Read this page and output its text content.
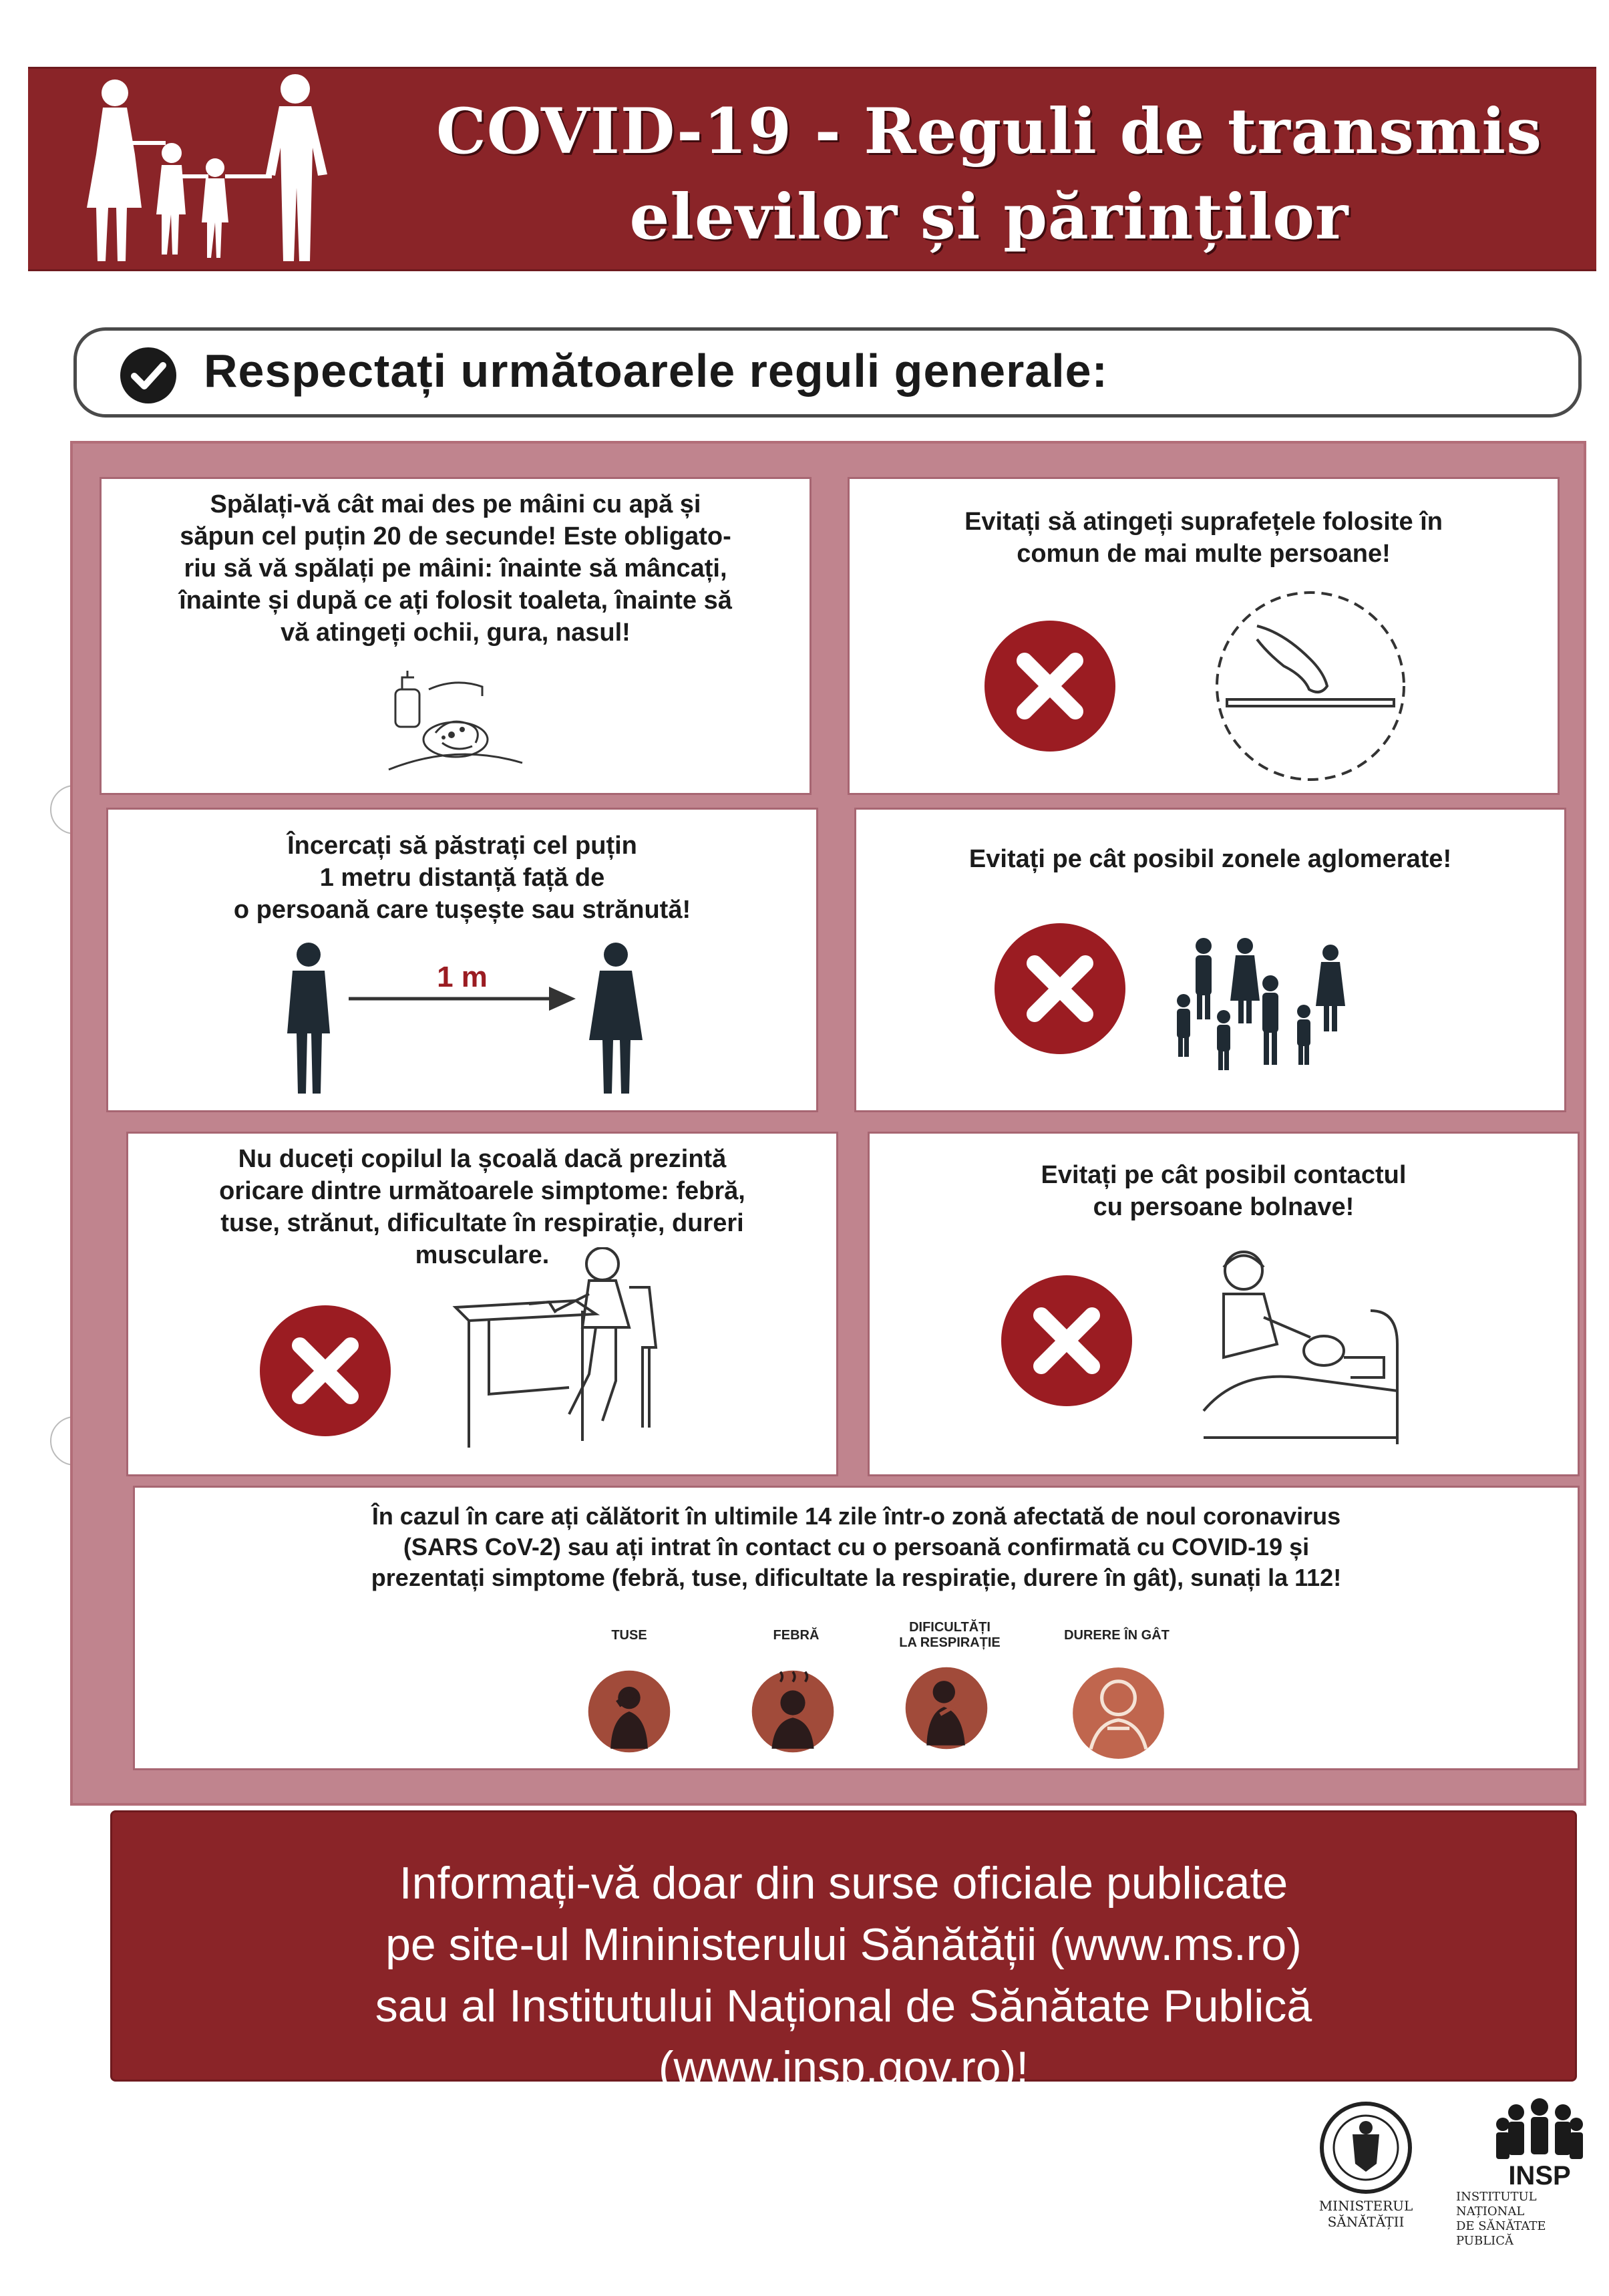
COVID-19 - Reguli de transmis
elevilor și părinților
Respectați următoarele reguli generale:
Spălați-vă cât mai des pe mâini cu apă și
săpun cel puțin 20 de secunde! Este obligato-
riu să vă spălați pe mâini: înainte să mâncați,
înainte și după ce ați folosit toaleta, înainte să
vă atingeți ochii, gura, nasul!
Evitați să atingeți suprafețele folosite în
comun de mai multe persoane!
Încercați să păstrați cel puțin
1 metru distanță față de
o persoană care tușește sau strănută!
1 m
Evitați pe cât posibil zonele aglomerate!
Nu duceți copilul la școală dacă prezintă
oricare dintre următoarele simptome: febră,
tuse, strănut, dificultate în respirație, dureri
musculare.
Evitați pe cât posibil contactul
cu persoane bolnave!
În cazul în care ați călătorit în ultimile 14 zile într-o zonă afectată de noul coronavirus
(SARS CoV-2) sau ați intrat în contact cu o persoană confirmată cu COVID-19 și
prezentați simptome (febră, tuse, dificultate la respirație, durere în gât), sunați la 112!
TUSE	FEBRĂ
DIFICULTĂȚI
LA RESPIRAȚIE	DURERE ÎN GÂT
Informați-vă doar din surse oficiale publicate
pe site-ul Mininisterului Sănătății (www.ms.ro)
sau al Institutului Național de Sănătate Publică
(www.insp.gov.ro)!
MINISTERUL SĂNĂTĂȚII
INSP
INSTITUTUL NAȚIONAL
DE SĂNĂTATE PUBLICĂ
